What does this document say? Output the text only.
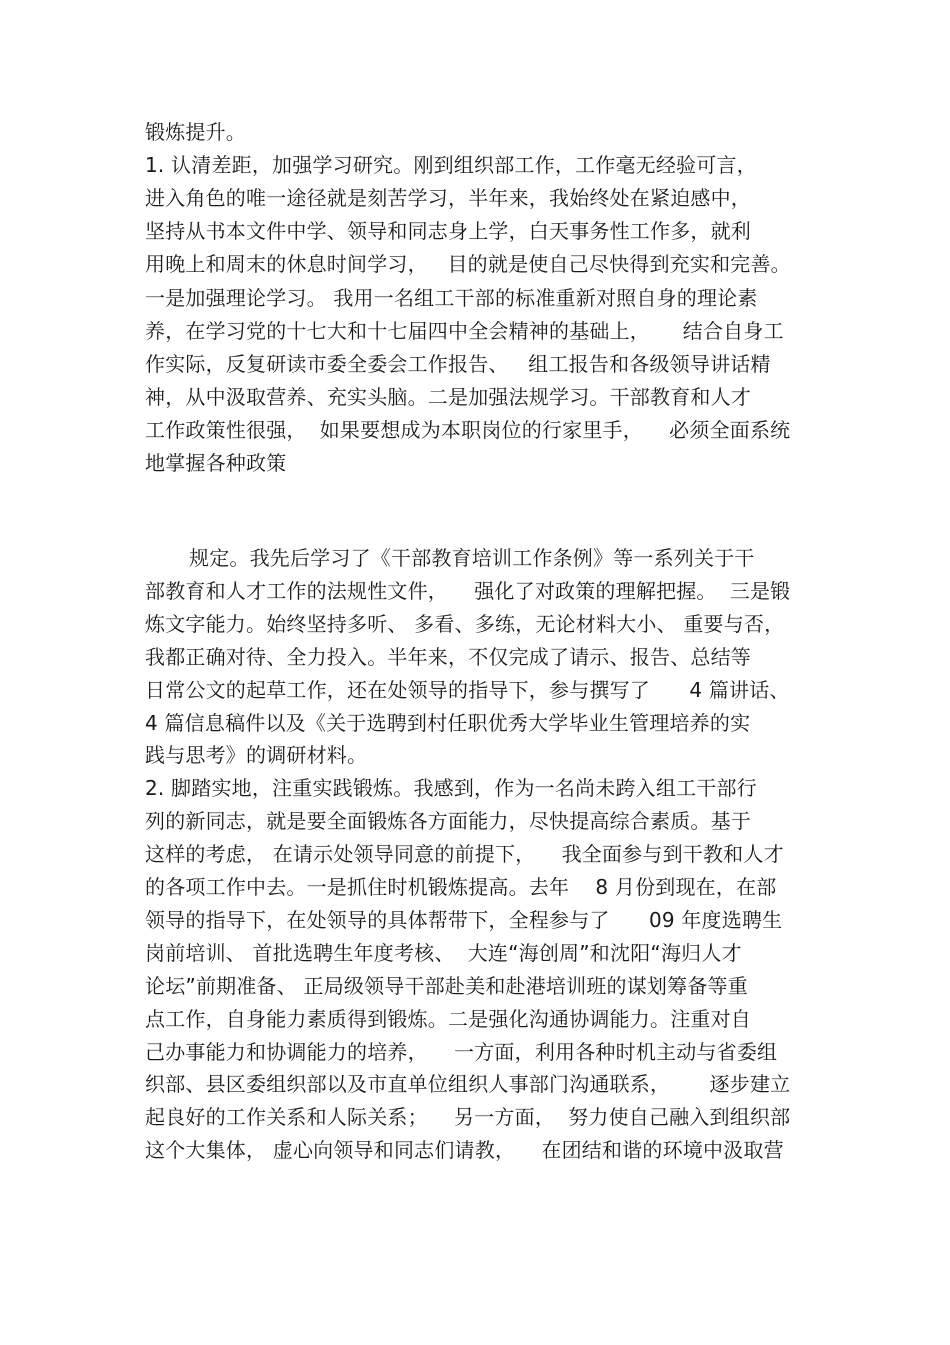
锻炼提升。
1. 认清差距，加强学习研究。刚到组织部工作，工作毫无经验可言，
进入角色的唯一途径就是刻苦学习，半年来，我始终处在紧迫感中，
坚持从书本文件中学、领导和同志身上学，白天事务性工作多，就利
用晚上和周末的休息时间学习，   目的就是使自己尽快得到充实和完善。
一是加强理论学习。 我用一名组工干部的标准重新对照自身的理论素
养，在学习党的十七大和十七届四中全会精神的基础上，     结合自身工
作实际，反复研读市委全委会工作报告、   组工报告和各级领导讲话精
神，从中汲取营养、充实头脑。二是加强法规学习。干部教育和人才
工作政策性很强，  如果要想成为本职岗位的行家里手，    必须全面系统
地掌握各种政策
规定。我先后学习了《干部教育培训工作条例》等一系列关于干
部教育和人才工作的法规性文件，    强化了对政策的理解把握。  三是锻
炼文字能力。始终坚持多听、 多看、多练，无论材料大小、 重要与否，
我都正确对待、全力投入。半年来，不仅完成了请示、报告、总结等
日常公文的起草工作，还在处领导的指导下，参与撰写了      4 篇讲话、
4 篇信息稿件以及《关于选聘到村任职优秀大学毕业生管理培养的实
践与思考》的调研材料。
2. 脚踏实地，注重实践锻炼。我感到，作为一名尚未跨入组工干部行
列的新同志，就是要全面锻炼各方面能力，尽快提高综合素质。基于
这样的考虑， 在请示处领导同意的前提下，    我全面参与到干教和人才
的各项工作中去。一是抓住时机锻炼提高。去年    8 月份到现在，在部
领导的指导下，在处领导的具体帮带下，全程参与了      09 年度选聘生
岗前培训、 首批选聘生年度考核、  大连“海创周”和沈阳“海归人才
论坛”前期准备、 正局级领导干部赴美和赴港培训班的谋划筹备等重
点工作，自身能力素质得到锻炼。二是强化沟通协调能力。注重对自
己办事能力和协调能力的培养，    一方面，利用各种时机主动与省委组
织部、县区委组织部以及市直单位组织人事部门沟通联系，      逐步建立
起良好的工作关系和人际关系；    另一方面，  努力使自己融入到组织部
这个大集体， 虚心向领导和同志们请教，    在团结和谐的环境中汲取营
